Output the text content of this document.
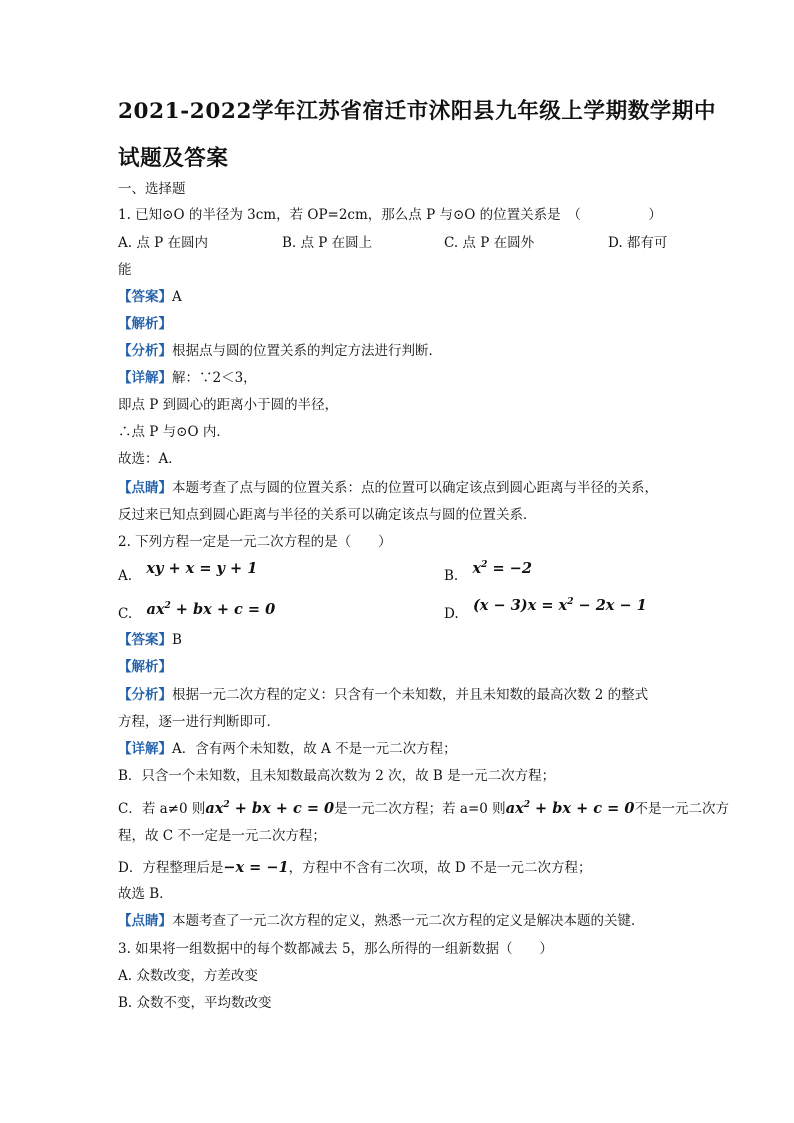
2021-2022学年江苏省宿迁市沭阳县九年级上学期数学期中
试题及答案
一、选择题
1. 已知⊙O 的半径为 3cm，若 OP=2cm，那么点 P 与⊙O 的位置关系是　（　　　　　）
A. 点 P 在圆内	B. 点 P 在圆上	C. 点 P 在圆外	D. 都有可
能
【答案】A
【解析】
【分析】根据点与圆的位置关系的判定方法进行判断．
【详解】解：∵2＜3，
即点 P 到圆心的距离小于圆的半径，
∴点 P 与⊙O 内．
故选：A．
【点睛】本题考查了点与圆的位置关系：点的位置可以确定该点到圆心距离与半径的关系，
反过来已知点到圆心距离与半径的关系可以确定该点与圆的位置关系．
2. 下列方程一定是一元二次方程的是（　　）
A. xy + x = y + 1	B. $x^2 = -2$
C. $ax^2$ + bx + c = 0	D. $(x - 3)x = x^2 - 2x - 1$
【答案】B
【解析】
【分析】根据一元二次方程的定义：只含有一个未知数，并且未知数的最高次数 2 的整式
方程，逐一进行判断即可．
【详解】A．含有两个未知数，故 A 不是一元二次方程；
B．只含一个未知数，且未知数最高次数为 2 次，故 B 是一元二次方程；
C．若 a≠0 则$ax^2$ + bx + c = 0是一元二次方程；若 a=0 则$ax^2$ + bx + c = 0不是一元二次方
程，故 C 不一定是一元二次方程；
D．方程整理后是−x = −1，方程中不含有二次项，故 D 不是一元二次方程；
故选 B．
【点睛】本题考查了一元二次方程的定义，熟悉一元二次方程的定义是解决本题的关键．
3. 如果将一组数据中的每个数都减去 5，那么所得的一组新数据（　　）
A. 众数改变，方差改变
B. 众数不变，平均数改变
